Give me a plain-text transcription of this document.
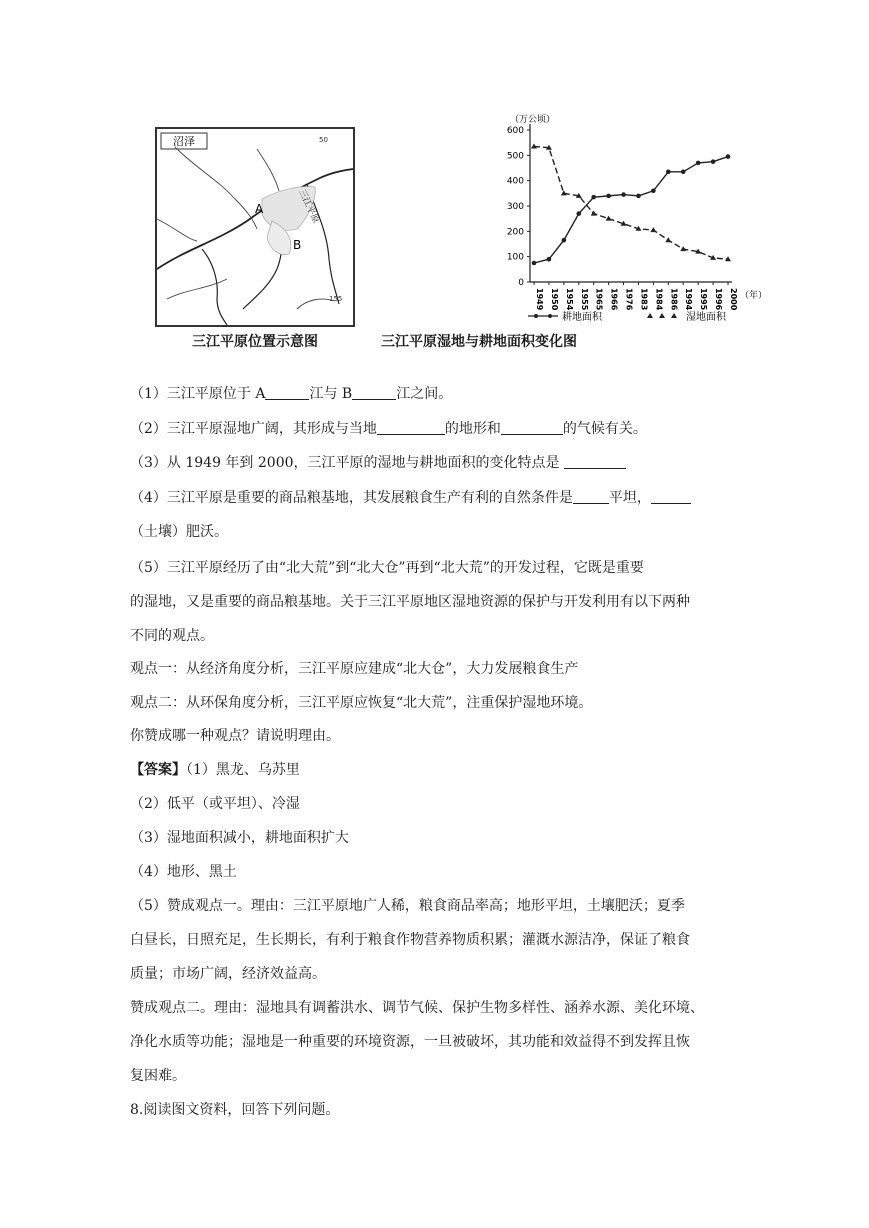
沼泽	50
155
A
B
三江平原
三江平原位置示意图
（万公顷）
（年）
0
100
200
300
400
500
600
1949 1950 1954 1955 1965 1966 1976 1983 1984 1986 1994 1995 1996 2000
耕地面积	湿地面积
三江平原湿地与耕地面积变化图
（1）三江平原位于 A	江与 B	江之间。
（2）三江平原湿地广阔，其形成与当地	的地形和	的气候有关。
（3）从 1949 年到 2000，三江平原的湿地与耕地面积的变化特点是
（4）三江平原是重要的商品粮基地，其发展粮食生产有利的自然条件是	平坦，
（土壤）肥沃。
（5）三江平原经历了由“北大荒”到“北大仓”再到“北大荒”的开发过程，它既是重要
的湿地，又是重要的商品粮基地。关于三江平原地区湿地资源的保护与开发利用有以下两种
不同的观点。
观点一：从经济角度分析，三江平原应建成“北大仓”，大力发展粮食生产
观点二：从环保角度分析，三江平原应恢复“北大荒”，注重保护湿地环境。
你赞成哪一种观点？请说明理由。
【答案】（1）黑龙、乌苏里
（2）低平（或平坦）、冷湿
（3）湿地面积减小，耕地面积扩大
（4）地形、黑土
（5）赞成观点一。理由：三江平原地广人稀，粮食商品率高；地形平坦，土壤肥沃；夏季
白昼长，日照充足，生长期长，有利于粮食作物营养物质积累；灌溉水源洁净，保证了粮食
质量；市场广阔，经济效益高。
赞成观点二。理由：湿地具有调蓄洪水、调节气候、保护生物多样性、涵养水源、美化环境、
净化水质等功能；湿地是一种重要的环境资源，一旦被破坏，其功能和效益得不到发挥且恢
复困难。
8.阅读图文资料，回答下列问题。
